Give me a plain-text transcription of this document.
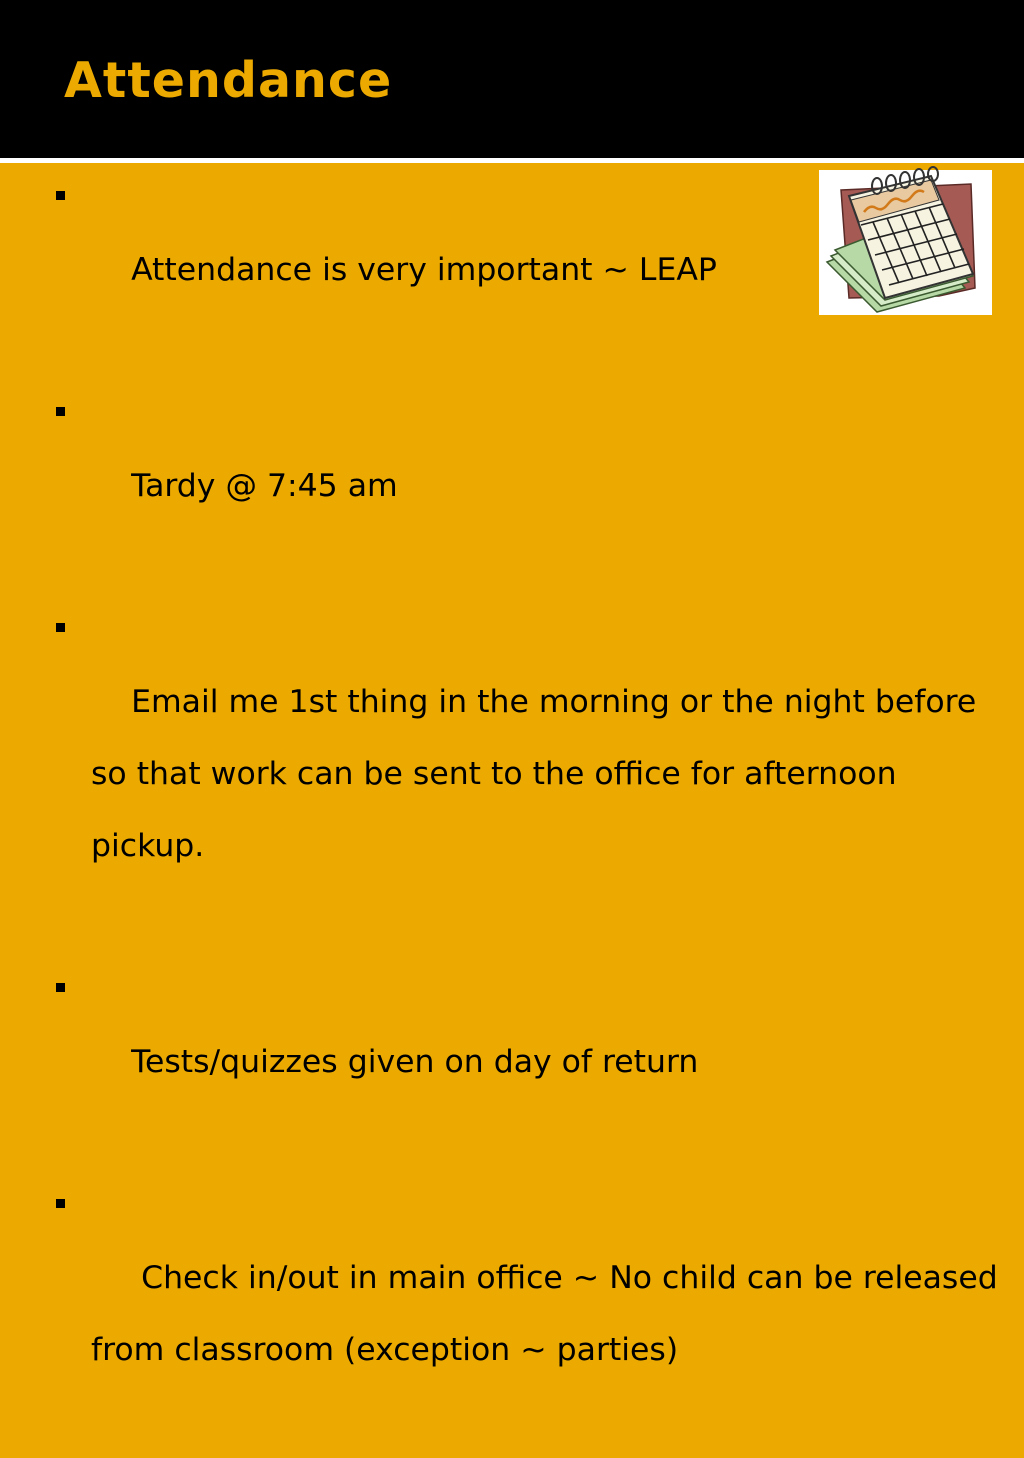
Attendance

Attendance is very important ~ LEAP

Tardy @ 7:45 am

Email me 1st thing in the morning or the night before so that work can be sent to the office for afternoon pickup.

Tests/quizzes given on day of return

Check in/out in main office ~ No child can be released from classroom (exception ~ parties)
